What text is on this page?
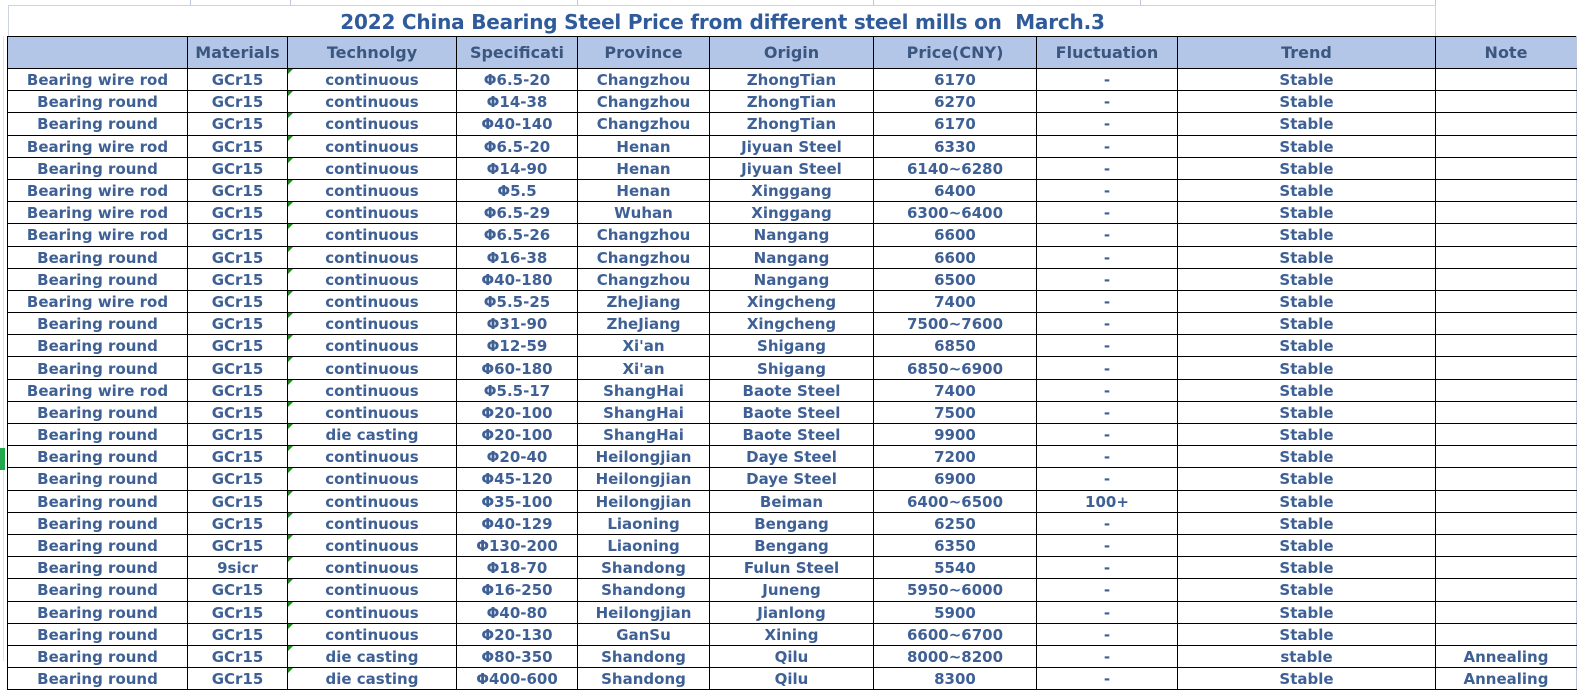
2022 China Bearing Steel Price from different steel mills on  March.3
	Materials	Technolgy	Specificati	Province	Origin	Price(CNY)	Fluctuation	Trend	Note
Bearing wire rod	GCr15	continuous	Φ6.5-20	Changzhou	ZhongTian	6170	-	Stable	
Bearing round	GCr15	continuous	Φ14-38	Changzhou	ZhongTian	6270	-	Stable	
Bearing round	GCr15	continuous	Φ40-140	Changzhou	ZhongTian	6170	-	Stable	
Bearing wire rod	GCr15	continuous	Φ6.5-20	Henan	Jiyuan Steel	6330	-	Stable	
Bearing round	GCr15	continuous	Φ14-90	Henan	Jiyuan Steel	6140~6280	-	Stable	
Bearing wire rod	GCr15	continuous	Φ5.5	Henan	Xinggang	6400	-	Stable	
Bearing wire rod	GCr15	continuous	Φ6.5-29	Wuhan	Xinggang	6300~6400	-	Stable	
Bearing wire rod	GCr15	continuous	Φ6.5-26	Changzhou	Nangang	6600	-	Stable	
Bearing round	GCr15	continuous	Φ16-38	Changzhou	Nangang	6600	-	Stable	
Bearing round	GCr15	continuous	Φ40-180	Changzhou	Nangang	6500	-	Stable	
Bearing wire rod	GCr15	continuous	Φ5.5-25	ZheJiang	Xingcheng	7400	-	Stable	
Bearing round	GCr15	continuous	Φ31-90	ZheJiang	Xingcheng	7500~7600	-	Stable	
Bearing round	GCr15	continuous	Φ12-59	Xi'an	Shigang	6850	-	Stable	
Bearing round	GCr15	continuous	Φ60-180	Xi'an	Shigang	6850~6900	-	Stable	
Bearing wire rod	GCr15	continuous	Φ5.5-17	ShangHai	Baote Steel	7400	-	Stable	
Bearing round	GCr15	continuous	Φ20-100	ShangHai	Baote Steel	7500	-	Stable	
Bearing round	GCr15	die casting	Φ20-100	ShangHai	Baote Steel	9900	-	Stable	
Bearing round	GCr15	continuous	Φ20-40	Heilongjian	Daye Steel	7200	-	Stable	
Bearing round	GCr15	continuous	Φ45-120	Heilongjian	Daye Steel	6900	-	Stable	
Bearing round	GCr15	continuous	Φ35-100	Heilongjian	Beiman	6400~6500	100+	Stable	
Bearing round	GCr15	continuous	Φ40-129	Liaoning	Bengang	6250	-	Stable	
Bearing round	GCr15	continuous	Φ130-200	Liaoning	Bengang	6350	-	Stable	
Bearing round	9sicr	continuous	Φ18-70	Shandong	Fulun Steel	5540	-	Stable	
Bearing round	GCr15	continuous	Φ16-250	Shandong	Juneng	5950~6000	-	Stable	
Bearing round	GCr15	continuous	Φ40-80	Heilongjian	Jianlong	5900	-	Stable	
Bearing round	GCr15	continuous	Φ20-130	GanSu	Xining	6600~6700	-	Stable	
Bearing round	GCr15	die casting	Φ80-350	Shandong	Qilu	8000~8200	-	stable	Annealing
Bearing round	GCr15	die casting	Φ400-600	Shandong	Qilu	8300	-	Stable	Annealing
